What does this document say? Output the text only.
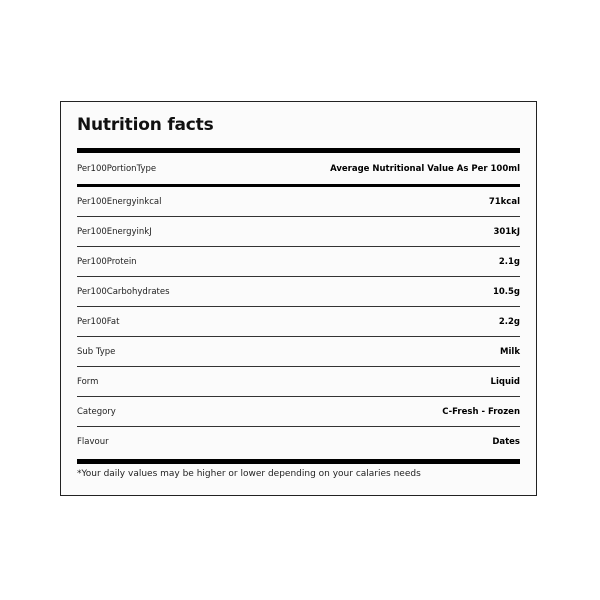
Nutrition facts
Per100PortionType	Average Nutritional Value As Per 100ml
Per100Energyinkcal	71kcal
Per100EnergyinkJ	301kJ
Per100Protein	2.1g
Per100Carbohydrates	10.5g
Per100Fat	2.2g
Sub Type	Milk
Form	Liquid
Category	C-Fresh - Frozen
Flavour	Dates
*Your daily values may be higher or lower depending on your calaries needs
